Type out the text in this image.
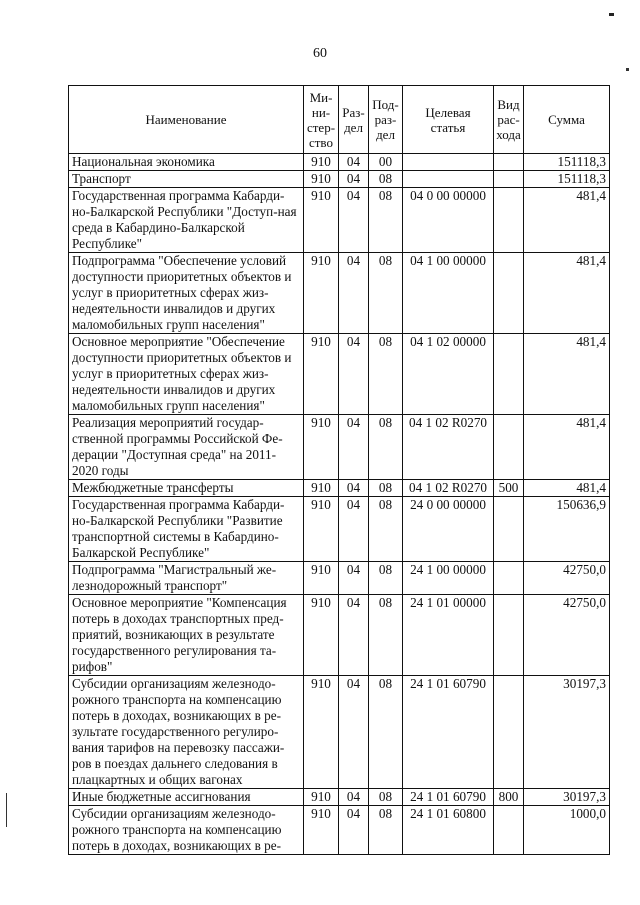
60
Наименование	Ми-
ни-
стер-
ство	Раз-
дел	Под-
раз-
дел	Целевая
статья	Вид
рас-
хода	Сумма
Национальная экономика	910	04	00			151118,3
Транспорт	910	04	08			151118,3
Государственная программа Кабарди-но-Балкарской Республики "Доступ-ная среда в Кабардино-Балкарской Республике"	910	04	08	04 0 00 00000		481,4
Подпрограмма "Обеспечение условий доступности приоритетных объектов и услуг в приоритетных сферах жиз-недеятельности инвалидов и других маломобильных групп населения"	910	04	08	04 1 00 00000		481,4
Основное мероприятие "Обеспечение доступности приоритетных объектов и услуг в приоритетных сферах жиз-недеятельности инвалидов и других маломобильных групп населения"	910	04	08	04 1 02 00000		481,4
Реализация мероприятий государ-ственной программы Российской Фе-дерации "Доступная среда" на 2011-2020 годы	910	04	08	04 1 02 R0270		481,4
Межбюджетные трансферты	910	04	08	04 1 02 R0270	500	481,4
Государственная программа Кабарди-но-Балкарской Республики "Развитие транспортной системы в Кабардино-Балкарской Республике"	910	04	08	24 0 00 00000		150636,9
Подпрограмма "Магистральный же-лезнодорожный транспорт"	910	04	08	24 1 00 00000		42750,0
Основное мероприятие "Компенсация потерь в доходах транспортных пред-приятий, возникающих в результате государственного регулирования та-рифов"	910	04	08	24 1 01 00000		42750,0
Субсидии организациям железнодо-рожного транспорта на компенсацию потерь в доходах, возникающих в ре-зультате государственного регулиро-вания тарифов на перевозку пассажи-ров в поездах дальнего следования в плацкартных и общих вагонах	910	04	08	24 1 01 60790		30197,3
Иные бюджетные ассигнования	910	04	08	24 1 01 60790	800	30197,3
Субсидии организациям железнодо-рожного транспорта на компенсацию потерь в доходах, возникающих в ре-	910	04	08	24 1 01 60800		1000,0
